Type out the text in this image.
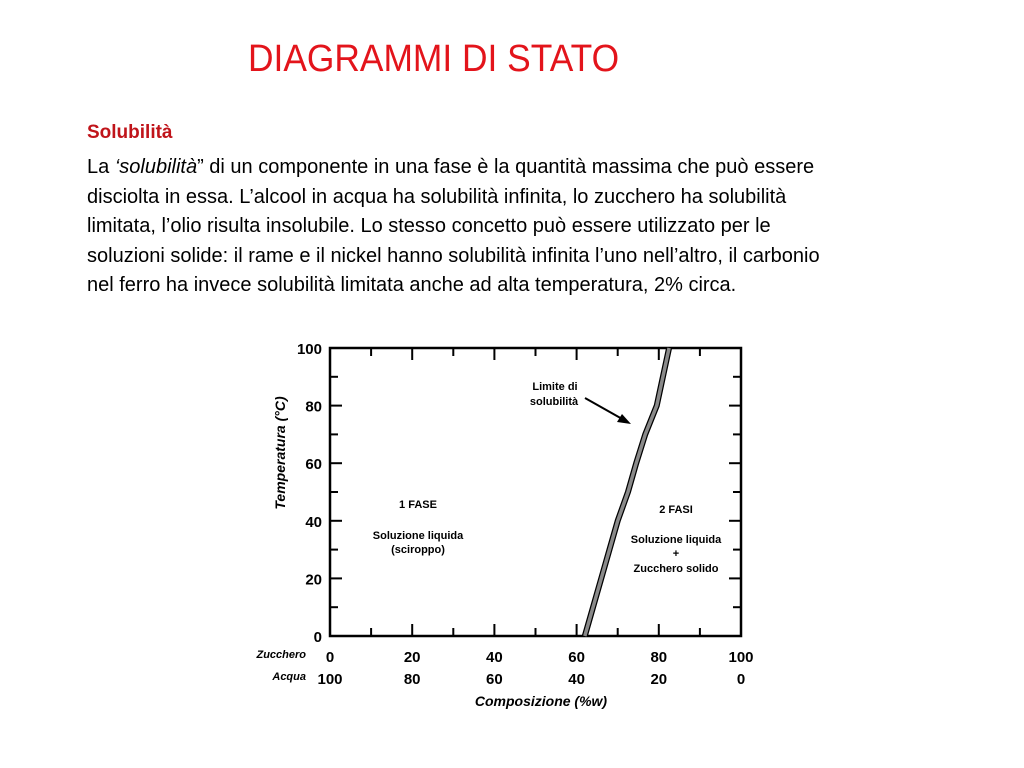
DIAGRAMMI DI STATO
Solubilità

La ‘solubilità” di un componente in una fase è la quantità massima che può essere

disciolta in essa. L’alcool in acqua ha solubilità infinita, lo zucchero ha solubilità

limitata, l’olio risulta insolubile. Lo stesso concetto può essere utilizzato per le

soluzioni solide: il rame e il nickel hanno solubilità infinita l’uno nell’altro, il carbonio

nel ferro ha invece solubilità limitata anche ad alta temperatura, 2% circa.

0
20
40
60
80
100
0	20	40	60	80	100
100	80	60	40	20	0
Temperatura (°C)
Composizione (%w)
Zucchero
Acqua
Limite di
solubilità
1 FASE
Soluzione liquida
(sciroppo)
2 FASI
Soluzione liquida
+
Zucchero solido
